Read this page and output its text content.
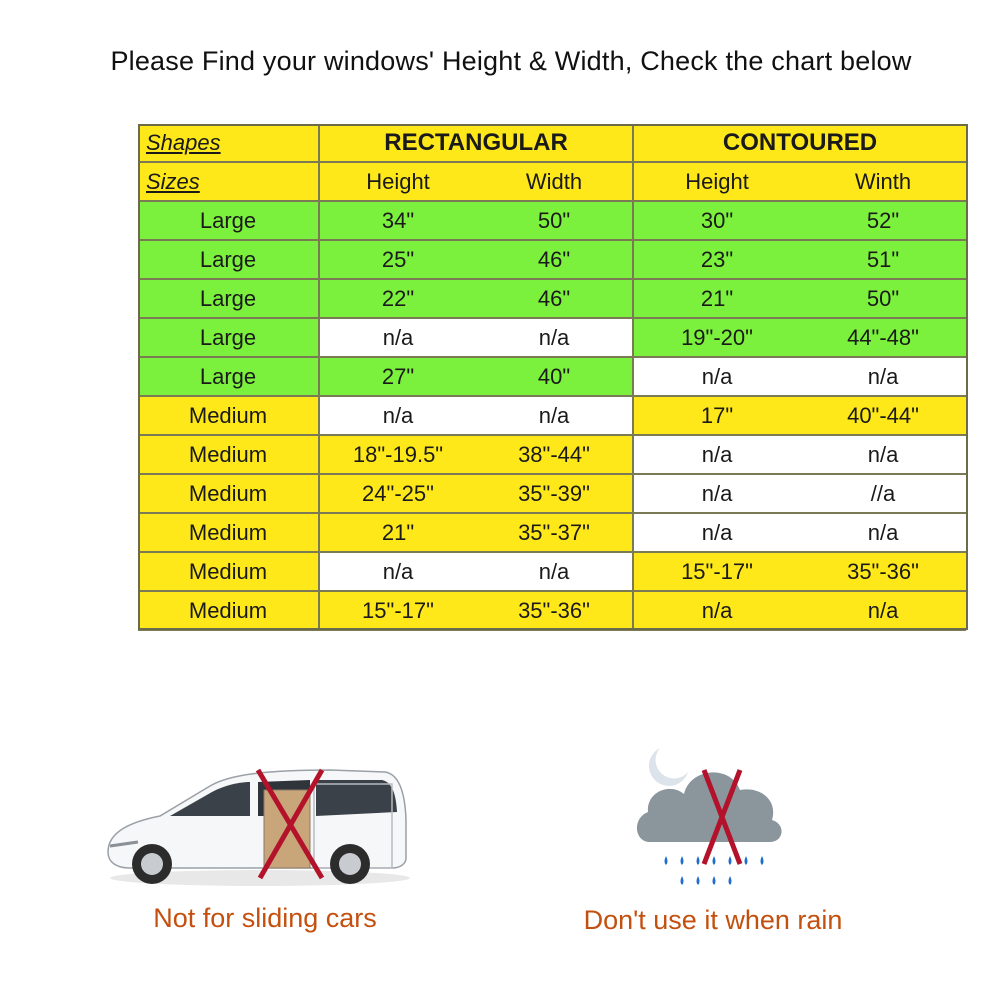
Please Find your windows' Height & Width, Check the chart below
Shapes	RECTANGULAR		CONTOURED	
Sizes	Height	Width	Height	Winth
Large	34"	50"	30"	52"
Large	25"	46"	23"	51"
Large	22"	46"	21"	50"
Large	n/a	n/a	19"-20"	44"-48"
Large	27"	40"	n/a	n/a
Medium	n/a	n/a	17"	40"-44"
Medium	18"-19.5"	38"-44"	n/a	n/a
Medium	24"-25"	35"-39"	n/a	//a
Medium	21"	35"-37"	n/a	n/a
Medium	n/a	n/a	15"-17"	35"-36"
Medium	15"-17"	35"-36"	n/a	n/a
Not for sliding cars	Don't use it when rain
